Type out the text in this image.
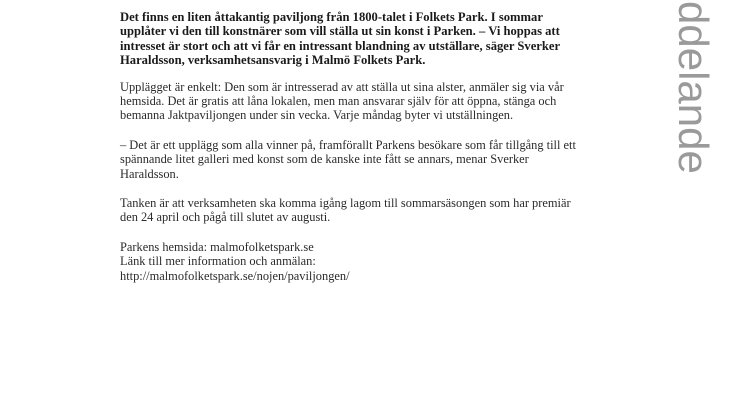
Det finns en liten åttakantig paviljong från 1800-talet i Folkets Park. I sommar upplåter vi den till konstnärer som vill ställa ut sin konst i Parken. – Vi hoppas att intresset är stort och att vi får en intressant blandning av utställare, säger Sverker Haraldsson, verksamhetsansvarig i Malmö Folkets Park.

Upplägget är enkelt: Den som är intresserad av att ställa ut sina alster, anmäler sig via vår hemsida. Det är gratis att låna lokalen, men man ansvarar själv för att öppna, stänga och bemanna Jaktpaviljongen under sin vecka. Varje måndag byter vi utställningen.

– Det är ett upplägg som alla vinner på, framförallt Parkens besökare som får tillgång till ett spännande litet galleri med konst som de kanske inte fått se annars, menar Sverker Haraldsson.

Tanken är att verksamheten ska komma igång lagom till sommarsäsongen som har premiär den 24 april och pågå till slutet av augusti.

Parkens hemsida: malmofolketspark.se
Länk till mer information och anmälan:
http://malmofolketspark.se/nojen/paviljongen/

ddelande
